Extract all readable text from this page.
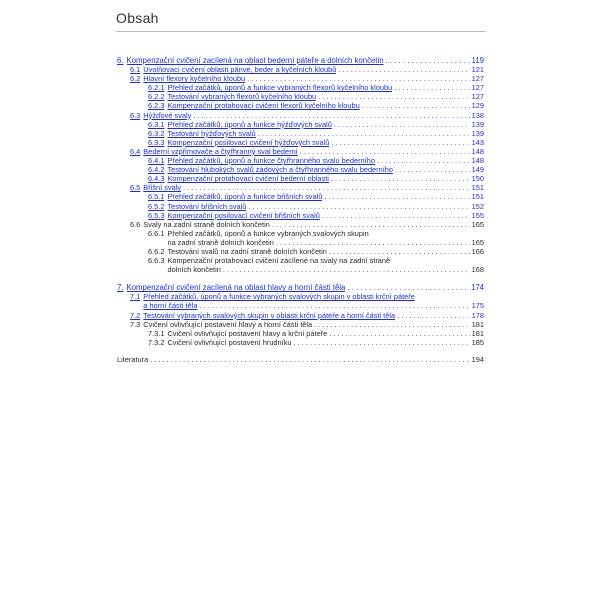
Obsah
6. Kompenzační cvičení zacílená na oblast bederní páteře a dolních končetin . . .	119
6.1 Uvolňovací cvičení oblasti pánve, beder a kyčelních kloubů . . .	121
6.2 Hlavní flexory kyčelního kloubu . . .	127
6.2.1 Přehled začátků, úponů a funkce vybraných flexorů kyčelního kloubu . . .	127
6.2.2 Testování vybraných flexorů kyčelního kloubu . . .	127
6.2.3 Kompenzační protahovací cvičení flexorů kyčelního kloubu . . .	129
6.3 Hýžďové svaly . . .	138
6.3.1 Přehled začátků, úponů a funkce hýžďových svalů . . .	139
6.3.2 Testování hýžďových svalů . . .	139
6.3.3 Kompenzační posilovací cvičení hýžďových svalů . . .	143
6.4 Bederní vzpřimovače a čtyřhranný sval bederní . . .	148
6.4.1 Přehled začátků, úponů a funkce čtyřhranného svalu bederního . . .	148
6.4.2 Testování hlubokých svalů zádových a čtyřhranného svalu bederního . . .	149
6.4.3 Kompenzační protahovací cvičení bederní oblasti . . .	150
6.5 Břišní svaly . . .	151
6.5.1 Přehled začátků, úponů a funkce břišních svalů . . .	151
6.5.2 Testování břišních svalů . . .	152
6.5.3 Kompenzační posilovací cvičení břišních svalů . . .	155
6.6 Svaly na zadní straně dolních končetin . . .	165
6.6.1 Přehled začátků, úponů a funkce vybraných svalových skupin
na zadní straně dolních končetin . . .	165
6.6.2 Testování svalů na zadní straně dolních končetin . . .	166
6.6.3 Kompenzační protahovací cvičení zacílené na svaly na zadní straně
dolních končetin . . .	168
7. Kompenzační cvičení zacílená na oblast hlavy a horní části těla . . .	174
7.1 Přehled začátků, úponů a funkce vybraných svalových skupin v oblasti krční páteře
a horní části těla . . .	175
7.2 Testování vybraných svalových skupin v oblasti krční páteře a horní části těla . . .	178
7.3 Cvičení ovlivňující postavení hlavy a horní části těla . . .	181
7.3.1 Cvičení ovlivňující postavení hlavy a krční páteře . . .	181
7.3.2 Cvičení ovlivňující postavení hrudníku . . .	185
Literatura . . .	194
